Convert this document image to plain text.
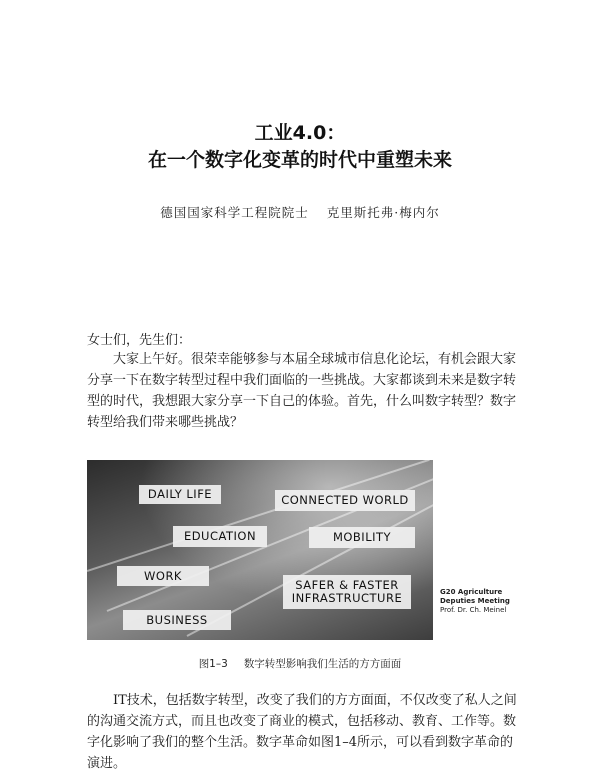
工业4.0：
在一个数字化变革的时代中重塑未来
德国国家科学工程院院士 克里斯托弗·梅内尔
女士们，先生们：
大家上午好。很荣幸能够参与本届全球城市信息化论坛，有机会跟大家分享一下在数字转型过程中我们面临的一些挑战。大家都谈到未来是数字转型的时代，我想跟大家分享一下自己的体验。首先，什么叫数字转型？数字转型给我们带来哪些挑战？
DAILY LIFE	CONNECTED WORLD
EDUCATION	MOBILITY
WORK
SAFER & FASTER
INFRASTRUCTURE
BUSINESS
G20 Agriculture
Deputies Meeting
Prof. Dr. Ch. Meinel
图1–3 数字转型影响我们生活的方方面面
IT技术，包括数字转型，改变了我们的方方面面，不仅改变了私人之间的沟通交流方式，而且也改变了商业的模式，包括移动、教育、工作等。数字化影响了我们的整个生活。数字革命如图1–4所示，可以看到数字革命的演进。
